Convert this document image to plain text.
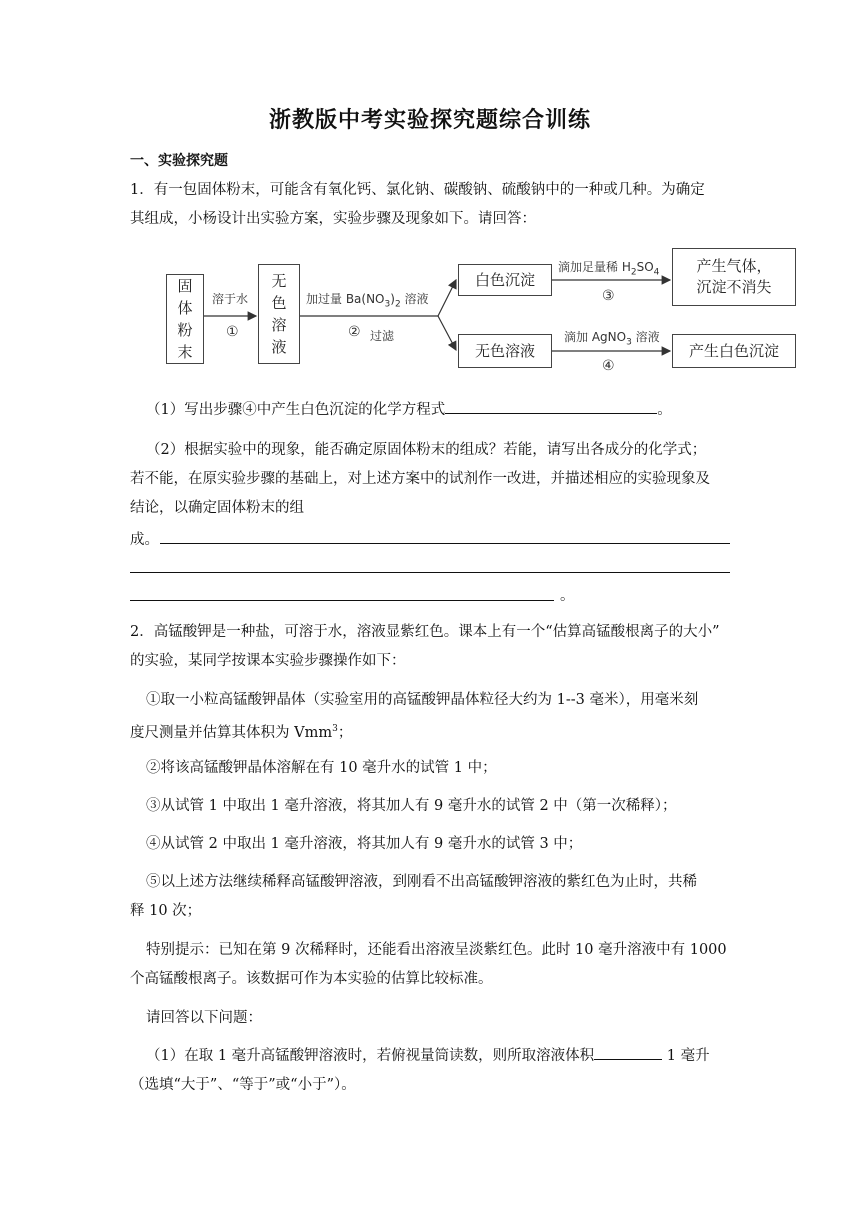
浙教版中考实验探究题综合训练
一、实验探究题
1．有一包固体粉末，可能含有氧化钙、氯化钠、碳酸钠、硫酸钠中的一种或几种。为确定
其组成，小杨设计出实验方案，实验步骤及现象如下。请回答：
固体粉末
溶于水
①
无色溶液
加过量 $Ba(NO_3)_2$ 溶液
② 过滤
白色沉淀
滴加足量稀 $H_2SO_4$
③
产生气体，
沉淀不消失
无色溶液
滴加 AgNO$_3$ 溶液
④
产生白色沉淀
（1）写出步骤④中产生白色沉淀的化学方程式	。
（2）根据实验中的现象，能否确定原固体粉末的组成？若能，请写出各成分的化学式；
若不能，在原实验步骤的基础上，对上述方案中的试剂作一改进，并描述相应的实验现象及
结论，以确定固体粉末的组
成。
。
2．高锰酸钾是一种盐，可溶于水，溶液显紫红色。课本上有一个“估算高锰酸根离子的大小”
的实验，某同学按课本实验步骤操作如下：
①取一小粒高锰酸钾晶体（实验室用的高锰酸钾晶体粒径大约为 1--3 毫米），用毫米刻
度尺测量并估算其体积为 Vmm$^3$；
②将该高锰酸钾晶体溶解在有 10 毫升水的试管 1 中；
③从试管 1 中取出 1 毫升溶液，将其加人有 9 毫升水的试管 2 中（第一次稀释）；
④从试管 2 中取出 1 毫升溶液，将其加人有 9 毫升水的试管 3 中；
⑤以上述方法继续稀释高锰酸钾溶液，到刚看不出高锰酸钾溶液的紫红色为止时，共稀
释 10 次；
特别提示：已知在第 9 次稀释时，还能看出溶液呈淡紫红色。此时 10 毫升溶液中有 1000
个高锰酸根离子。该数据可作为本实验的估算比较标准。
请回答以下问题：
（1）在取 1 毫升高锰酸钾溶液时，若俯视量筒读数，则所取溶液体积	1 毫升
（选填“大于”、“等于”或“小于”）。
